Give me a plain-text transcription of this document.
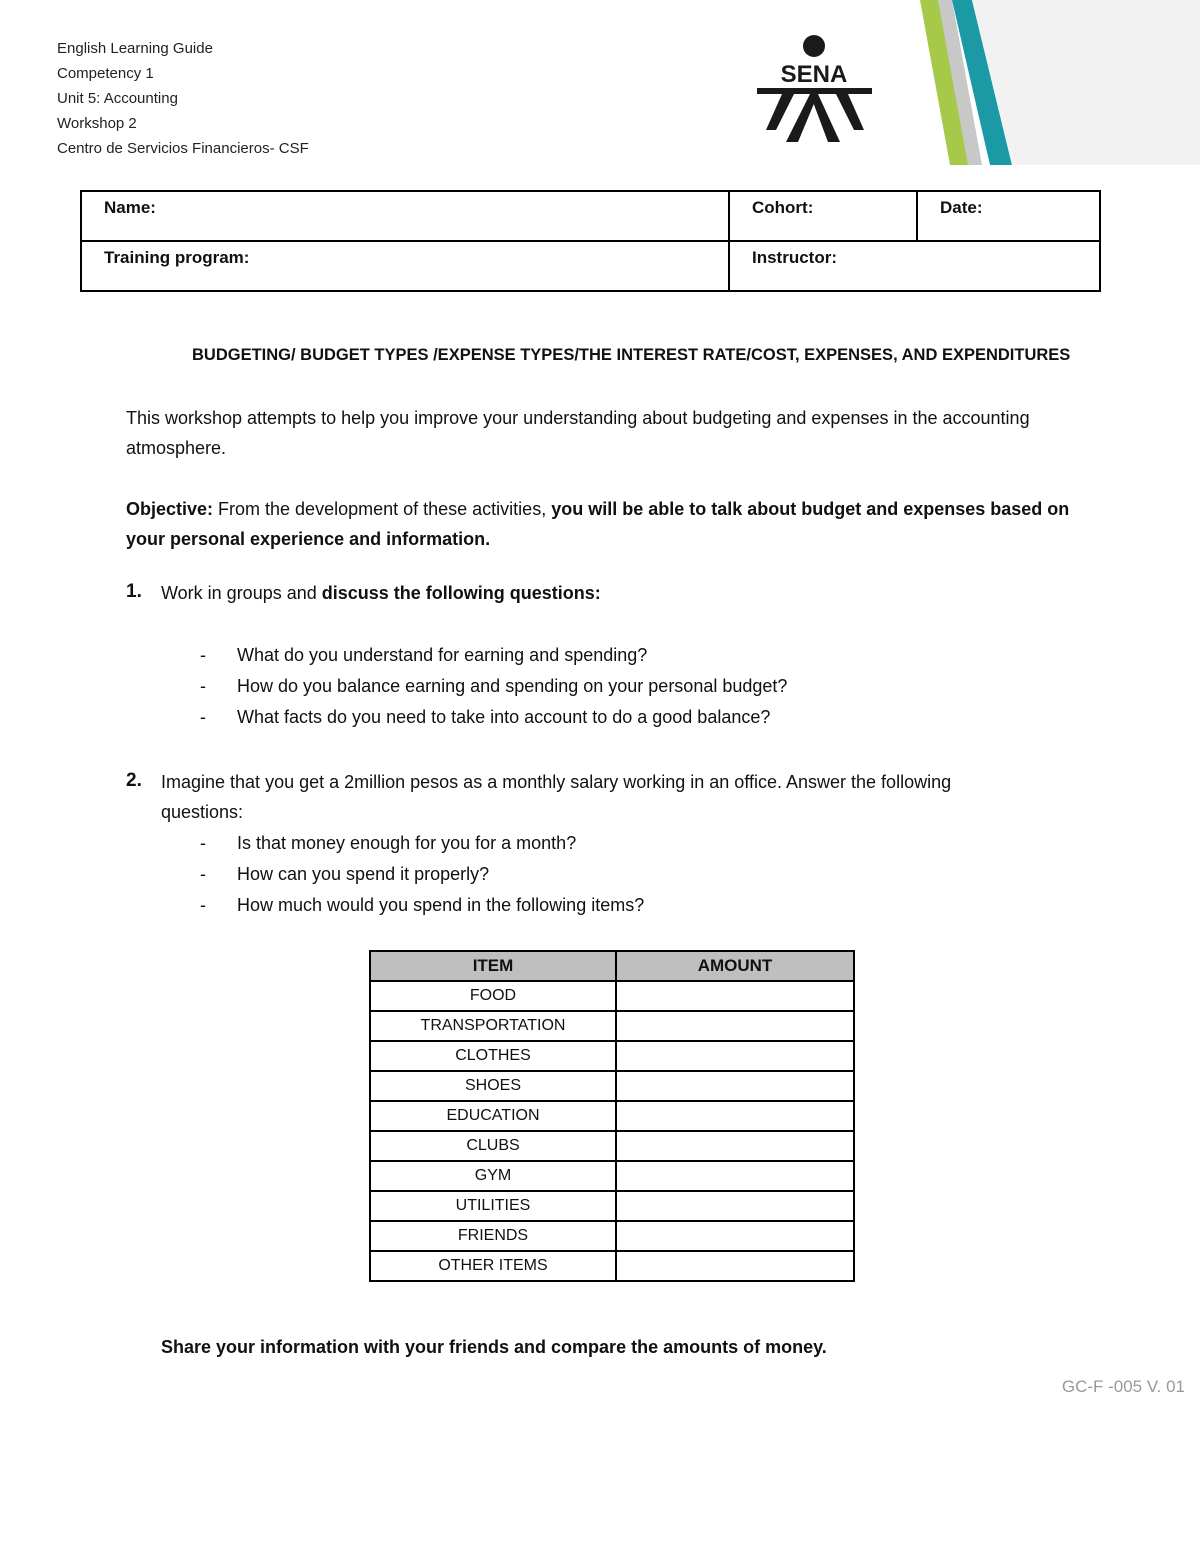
English Learning Guide
Competency 1
Unit 5: Accounting
Workshop 2
Centro de Servicios Financieros- CSF
SENA
Name:	Cohort:	Date:
Training program:	Instructor:	
BUDGETING/ BUDGET TYPES /EXPENSE TYPES/THE INTEREST RATE/COST, EXPENSES, AND EXPENDITURES
This workshop attempts to help you improve your understanding about budgeting and expenses in the accounting atmosphere.
Objective: From the development of these activities, you will be able to talk about budget and expenses based on your personal experience and information.
1. Work in groups and discuss the following questions:
- What do you understand for earning and spending?
- How do you balance earning and spending on your personal budget?
- What facts do you need to take into account to do a good balance?
2. Imagine that you get a 2million pesos as a monthly salary working in an office. Answer the following questions:
- Is that money enough for you for a month?
- How can you spend it properly?
- How much would you spend in the following items?
ITEM	AMOUNT
FOOD	
TRANSPORTATION	
CLOTHES	
SHOES	
EDUCATION	
CLUBS	
GYM	
UTILITIES	
FRIENDS	
OTHER ITEMS	
Share your information with your friends and compare the amounts of money.
GC-F -005 V. 01
